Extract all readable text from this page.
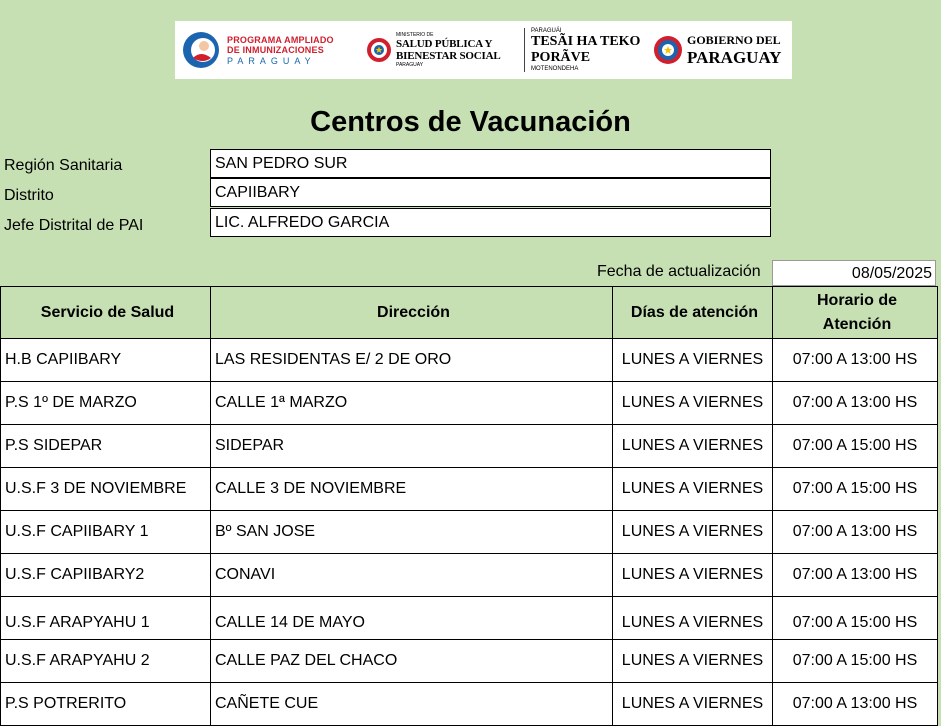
PROGRAMA AMPLIADO
DE INMUNIZACIONES
PARAGUAY
MINISTERIO DE
SALUD PÚBLICA Y
BIENESTAR SOCIAL
PARAGUAY
PARAGUÁI
TESÃI HA TEKO
PORÃVE
MOTENONDEHA
GOBIERNO DEL
PARAGUAY
Centros de Vacunación
Región Sanitaria	SAN PEDRO SUR
Distrito	CAPIIBARY
Jefe Distrital de PAI	LIC. ALFREDO GARCIA
Fecha de actualización	08/05/2025
Servicio de Salud	Dirección	Días de atención	Horario de
Atención
H.B CAPIIBARY	LAS RESIDENTAS E/ 2 DE ORO	LUNES A VIERNES	07:00 A 13:00 HS
P.S 1º DE MARZO	CALLE 1ª MARZO	LUNES A VIERNES	07:00 A 13:00 HS
P.S SIDEPAR	SIDEPAR	LUNES A VIERNES	07:00 A 15:00 HS
U.S.F 3 DE NOVIEMBRE	CALLE 3 DE NOVIEMBRE	LUNES A VIERNES	07:00 A 15:00 HS
U.S.F CAPIIBARY 1	Bº SAN JOSE	LUNES A VIERNES	07:00 A 13:00 HS
U.S.F CAPIIBARY2	CONAVI	LUNES A VIERNES	07:00 A 13:00 HS
U.S.F ARAPYAHU 1	CALLE 14 DE MAYO	LUNES A VIERNES	07:00 A 15:00 HS
U.S.F ARAPYAHU 2	CALLE PAZ DEL CHACO	LUNES A VIERNES	07:00 A 15:00 HS
P.S POTRERITO	CAÑETE CUE	LUNES A VIERNES	07:00 A 13:00 HS
